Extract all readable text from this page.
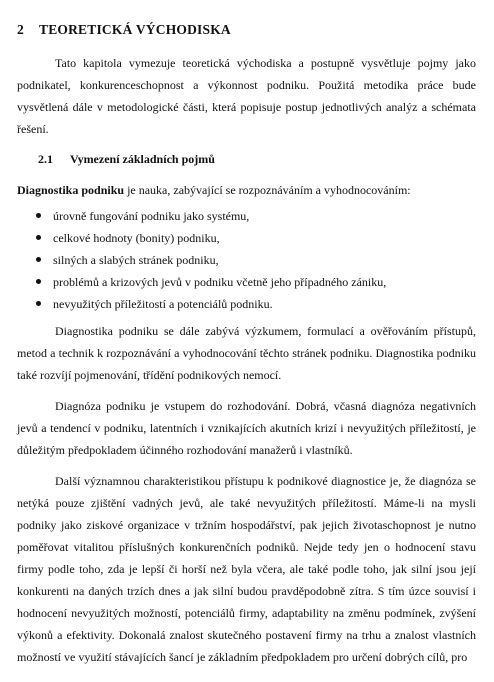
2 TEORETICKÁ VÝCHODISKA
Tato kapitola vymezuje teoretická východiska a postupně vysvětluje pojmy jako podnikatel, konkurenceschopnost a výkonnost podniku. Použitá metodika práce bude vysvětlená dále v metodologické části, která popisuje postup jednotlivých analýz a schémata řešení.
2.1 Vymezení základních pojmů
Diagnostika podniku je nauka, zabývající se rozpoznáváním a vyhodnocováním:
úrovně fungování podniku jako systému,
celkové hodnoty (bonity) podniku,
silných a slabých stránek podniku,
problémů a krizových jevů v podniku včetně jeho případného zániku,
nevyužitých příležitostí a potenciálů podniku.
Diagnostika podniku se dále zabývá výzkumem, formulací a ověřováním přístupů, metod a technik k rozpoznávání a vyhodnocování těchto stránek podniku. Diagnostika podniku také rozvíjí pojmenování, třídění podnikových nemocí.
Diagnóza podniku je vstupem do rozhodování. Dobrá, včasná diagnóza negativních jevů a tendencí v podniku, latentních i vznikajících akutních krizí i nevyužitých příležitostí, je důležitým předpokladem účinného rozhodování manažerů i vlastníků.
Další významnou charakteristikou přístupu k podnikové diagnostice je, že diagnóza se netýká pouze zjištění vadných jevů, ale také nevyužitých příležitostí. Máme-li na mysli podniky jako ziskové organizace v tržním hospodářství, pak jejich životaschopnost je nutno poměřovat vitalitou příslušných konkurenčních podniků. Nejde tedy jen o hodnocení stavu firmy podle toho, zda je lepší či horší než byla včera, ale také podle toho, jak silní jsou její konkurenti na daných trzích dnes a jak silní budou pravděpodobně zítra. S tím úzce souvisí i hodnocení nevyužitých možností, potenciálů firmy, adaptability na změnu podmínek, zvýšení výkonů a efektivity. Dokonalá znalost skutečného postavení firmy na trhu a znalost vlastních možností ve využití stávajících šancí je základním předpokladem pro určení dobrých cílů, pro
